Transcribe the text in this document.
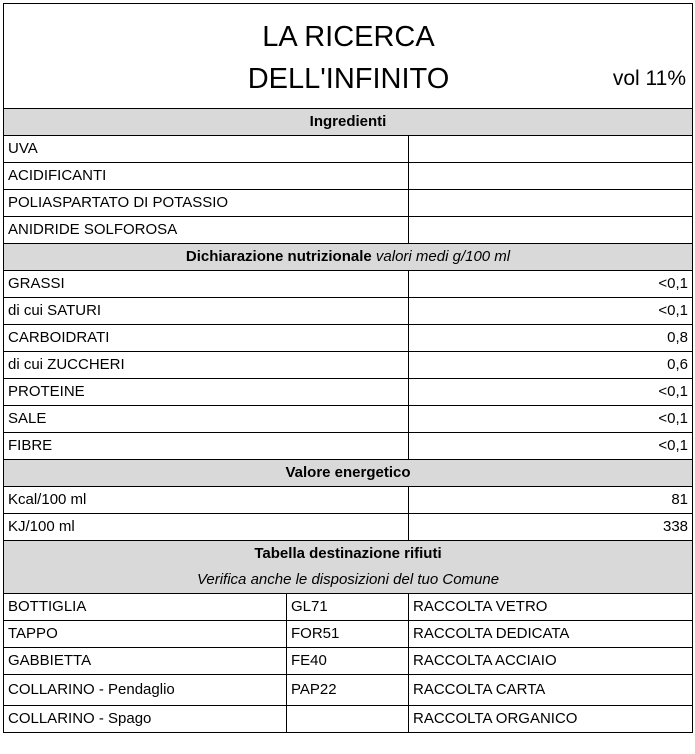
LA RICERCA
DELL'INFINITO vol 11%		

Ingredienti		
UVA		
ACIDIFICANTI		
POLIASPARTATO DI POTASSIO		
ANIDRIDE SOLFOROSA		
Dichiarazione nutrizionale valori medi g/100 ml		
GRASSI		<0,1
di cui SATURI		<0,1
CARBOIDRATI		0,8
di cui ZUCCHERI		0,6
PROTEINE		<0,1
SALE		<0,1
FIBRE		<0,1
Valore energetico		
Kcal/100 ml		81
KJ/100 ml		338
Tabella destinazione rifiuti		
Verifica anche le disposizioni del tuo Comune		
BOTTIGLIA	GL71	RACCOLTA VETRO
TAPPO	FOR51	RACCOLTA DEDICATA
GABBIETTA	FE40	RACCOLTA ACCIAIO
COLLARINO - Pendaglio	PAP22	RACCOLTA CARTA
COLLARINO - Spago		RACCOLTA ORGANICO
